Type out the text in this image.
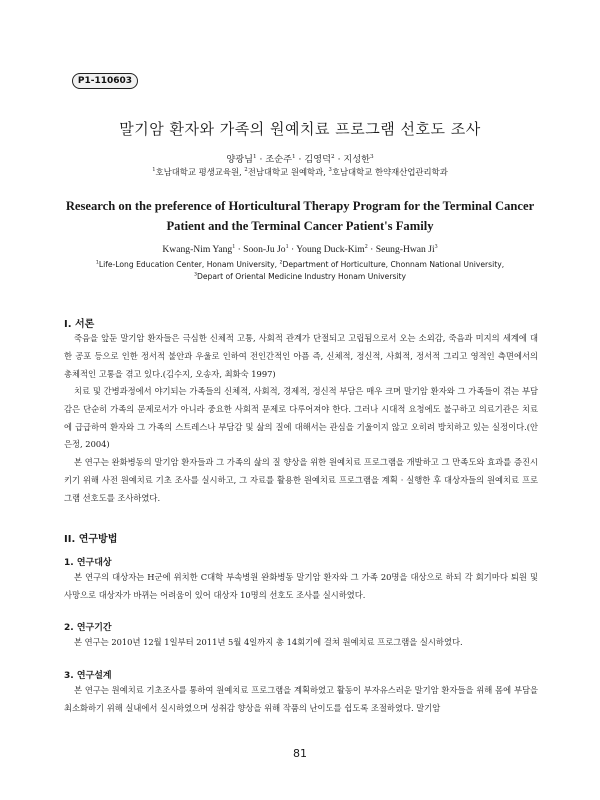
P1-110603
말기암 환자와 가족의 원예치료 프로그램 선호도 조사
양광님$^1$ · 조순주$^1$ · 김영덕$^2$ · 지성한$^3$
$^1$호남대학교 평생교육원, $^2$전남대학교 원예학과, $^3$호남대학교 한약재산업관리학과
Research on the preference of Horticultural Therapy Program for the Terminal Cancer Patient and the Terminal Cancer Patient's Family
Kwang-Nim Yang$^1$ · Soon-Ju $Jo^1$ · Young Duck-Kim$^2$ · Seung-Hwan Ji$^3$
$^1$Life-Long Education Center, Honam University, $^2$Department of Horticulture, Chonnam National University,
$^3$Depart of Oriental Medicine Industry Honam University
I. 서론

죽음을 앞둔 말기암 환자들은 극심한 신체적 고통, 사회적 관계가 단절되고 고립됨으로서 오는 소외감, 죽음과 미지의 세계에 대한 공포 등으로 인한 정서적 불안과 우울로 인하여 전인간적인 아픔 즉, 신체적, 정신적, 사회적, 정서적 그리고 영적인 측면에서의 총체적인 고통을 겪고 있다.(김수지, 오송자, 최화숙 1997)

치료 및 간병과정에서 야기되는 가족들의 신체적, 사회적, 경제적, 정신적 부담은 매우 크며 말기암 환자와 그 가족들이 겪는 부담감은 단순히 가족의 문제로서가 아니라 중요한 사회적 문제로 다루어져야 한다. 그러나 시대적 요청에도 불구하고 의료기관은 치료에 급급하여 환자와 그 가족의 스트레스나 부담감 및 삶의 질에 대해서는 관심을 기울이지 않고 오히려 방치하고 있는 실정이다.(안은정, 2004)

본 연구는 완화병동의 말기암 환자들과 그 가족의 삶의 질 향상을 위한 원예치료 프로그램을 개발하고 그 만족도와 효과를 증진시키기 위해 사전 원예치료 기초 조사를 실시하고, 그 자료를 활용한 원예치료 프로그램을 계획 · 실행한 후 대상자들의 원예치료 프로그램 선호도를 조사하였다.

II. 연구방법
1. 연구대상

본 연구의 대상자는 H군에 위치한 C대학 부속병원 완화병동 말기암 환자와 그 가족 20명을 대상으로 하되 각 회기마다 퇴원 및 사망으로 대상자가 바뀌는 어려움이 있어 대상자 10명의 선호도 조사를 실시하였다.

2. 연구기간

본 연구는 2010년 12월 1일부터 2011년 5월 4일까지 총 14회기에 걸쳐 원예치료 프로그램을 실시하였다.

3. 연구설계

본 연구는 원예치료 기초조사를 통하여 원예치료 프로그램을 계획하였고 활동이 부자유스러운 말기암 환자들을 위해 몸에 부담을 최소화하기 위해 실내에서 실시하였으며 성취감 향상을 위해 작품의 난이도를 쉽도록 조절하였다. 말기암

81
